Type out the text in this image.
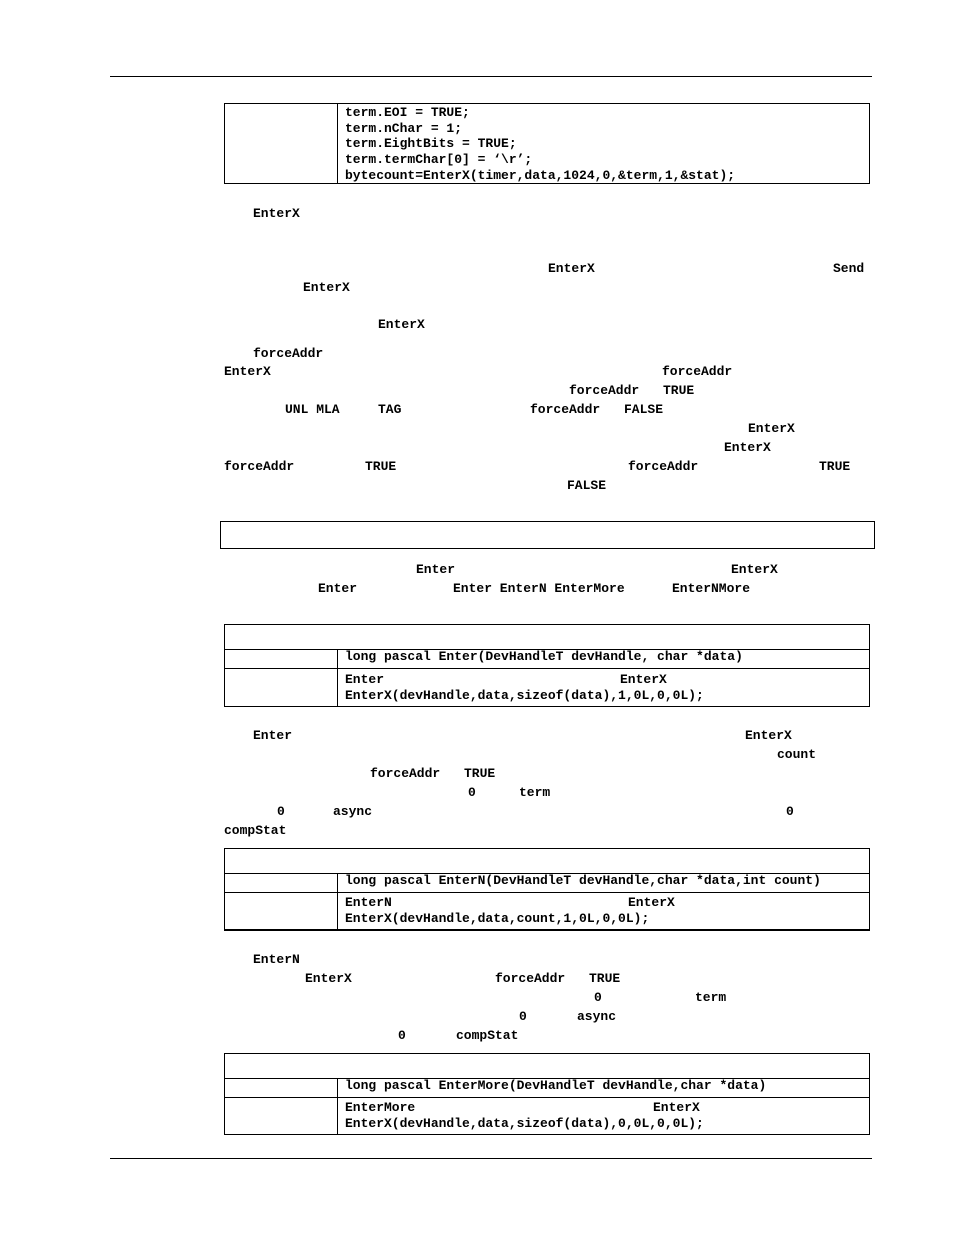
term.EOI = TRUE;
term.nChar = 1;
term.EightBits = TRUE;
term.termChar[0] = ‘\r’;
bytecount=EnterX(timer,data,1024,0,&term,1,&stat);
EnterX
EnterX	Send
EnterX
EnterX
forceAddr
EnterX	forceAddr
forceAddr TRUE
UNL MLA	TAG	forceAddr FALSE
EnterX
EnterX
forceAddr	TRUE	forceAddr	TRUE
FALSE
Enter	EnterX
Enter	Enter EnterN EnterMore	EnterNMore
long pascal Enter(DevHandleT devHandle, char *data)
Enter	EnterX
EnterX(devHandle,data,sizeof(data),1,0L,0,0L);
Enter	EnterX
count
forceAddr TRUE
0	term
0	async	0
compStat
long pascal EnterN(DevHandleT devHandle,char *data,int count)
EnterN	EnterX
EnterX(devHandle,data,count,1,0L,0,0L);
EnterN
EnterX	forceAddr TRUE
0	term
0	async
0	compStat
long pascal EnterMore(DevHandleT devHandle,char *data)
EnterMore	EnterX
EnterX(devHandle,data,sizeof(data),0,0L,0,0L);
